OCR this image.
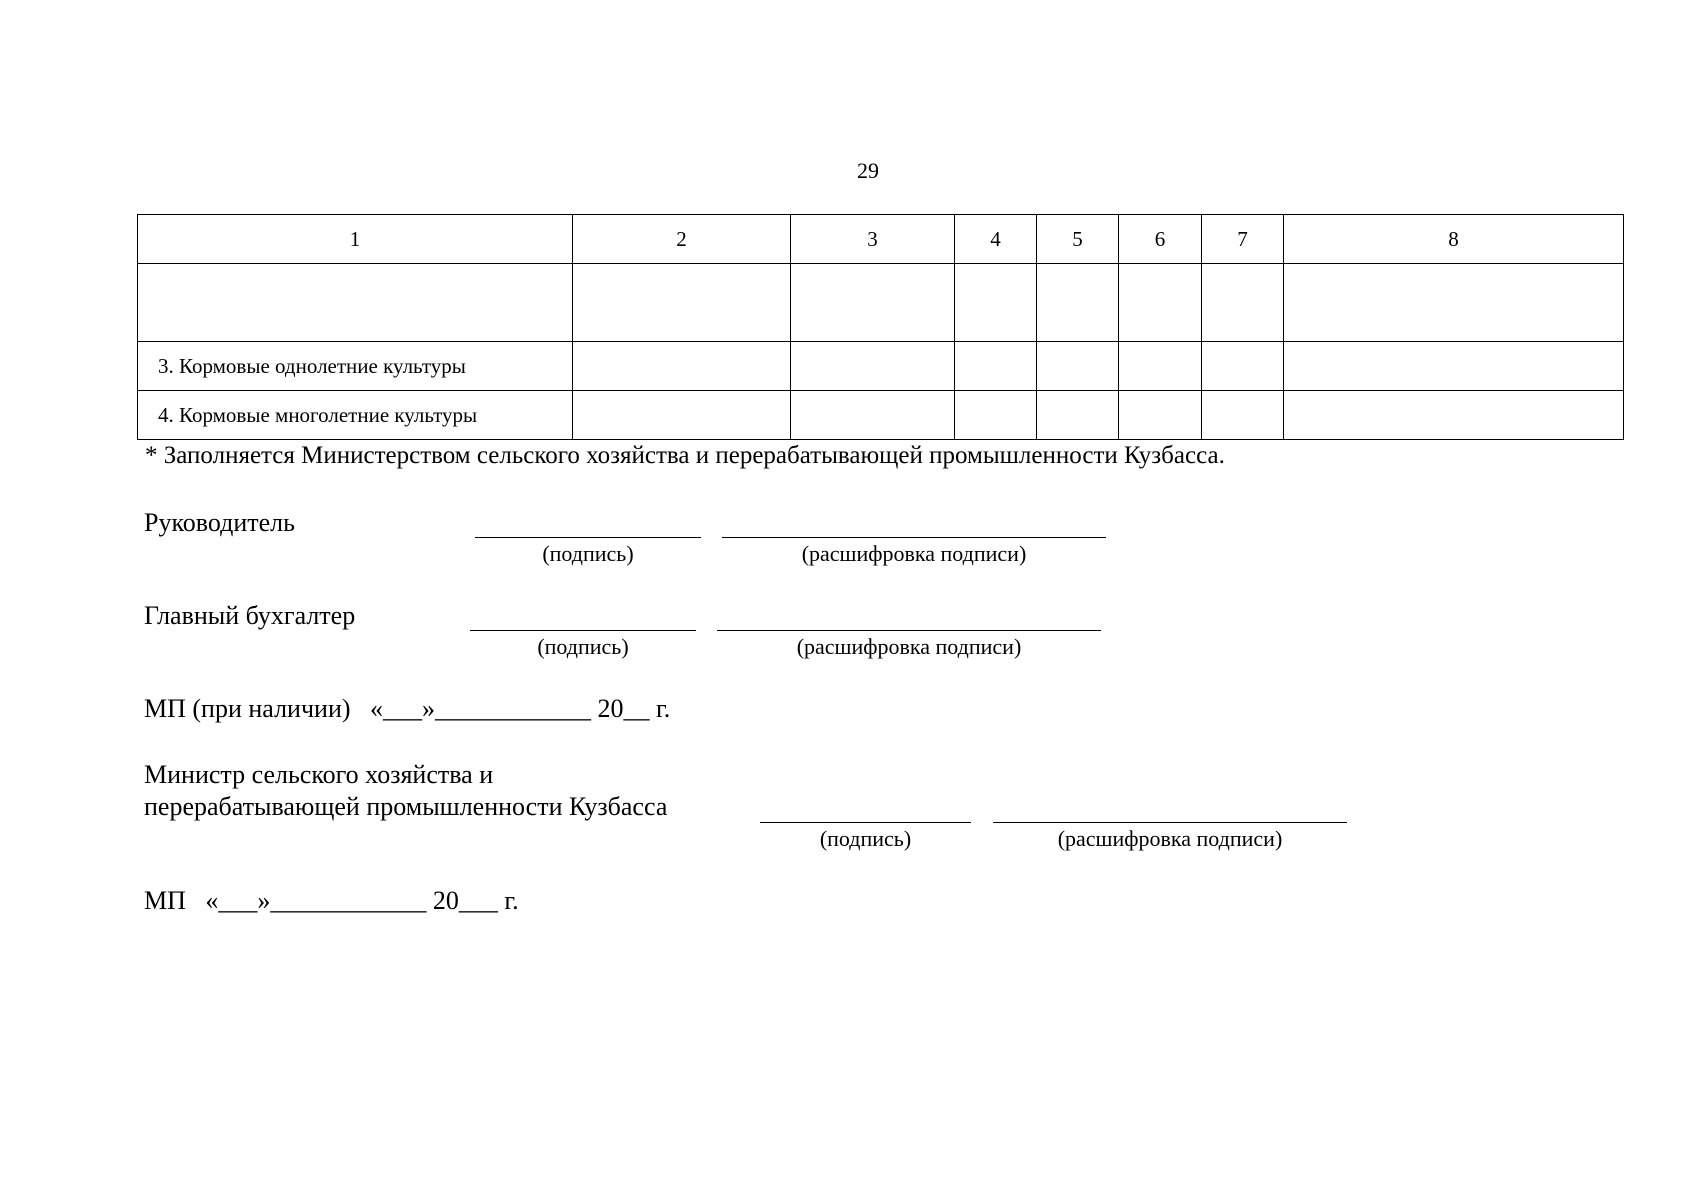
29
1	2	3	4	5	6	7	8

3. Кормовые однолетние культуры							
4. Кормовые многолетние культуры							
* Заполняется Министерством сельского хозяйства и перерабатывающей промышленности Кузбасса.
Руководитель
(подпись)	(расшифровка подписи)
Главный бухгалтер
(подпись)	(расшифровка подписи)
МП (при наличии)   «___»____________ 20__ г.
Министр сельского хозяйства и
перерабатывающей промышленности Кузбасса
(подпись)	(расшифровка подписи)
МП   «___»____________ 20___ г.
